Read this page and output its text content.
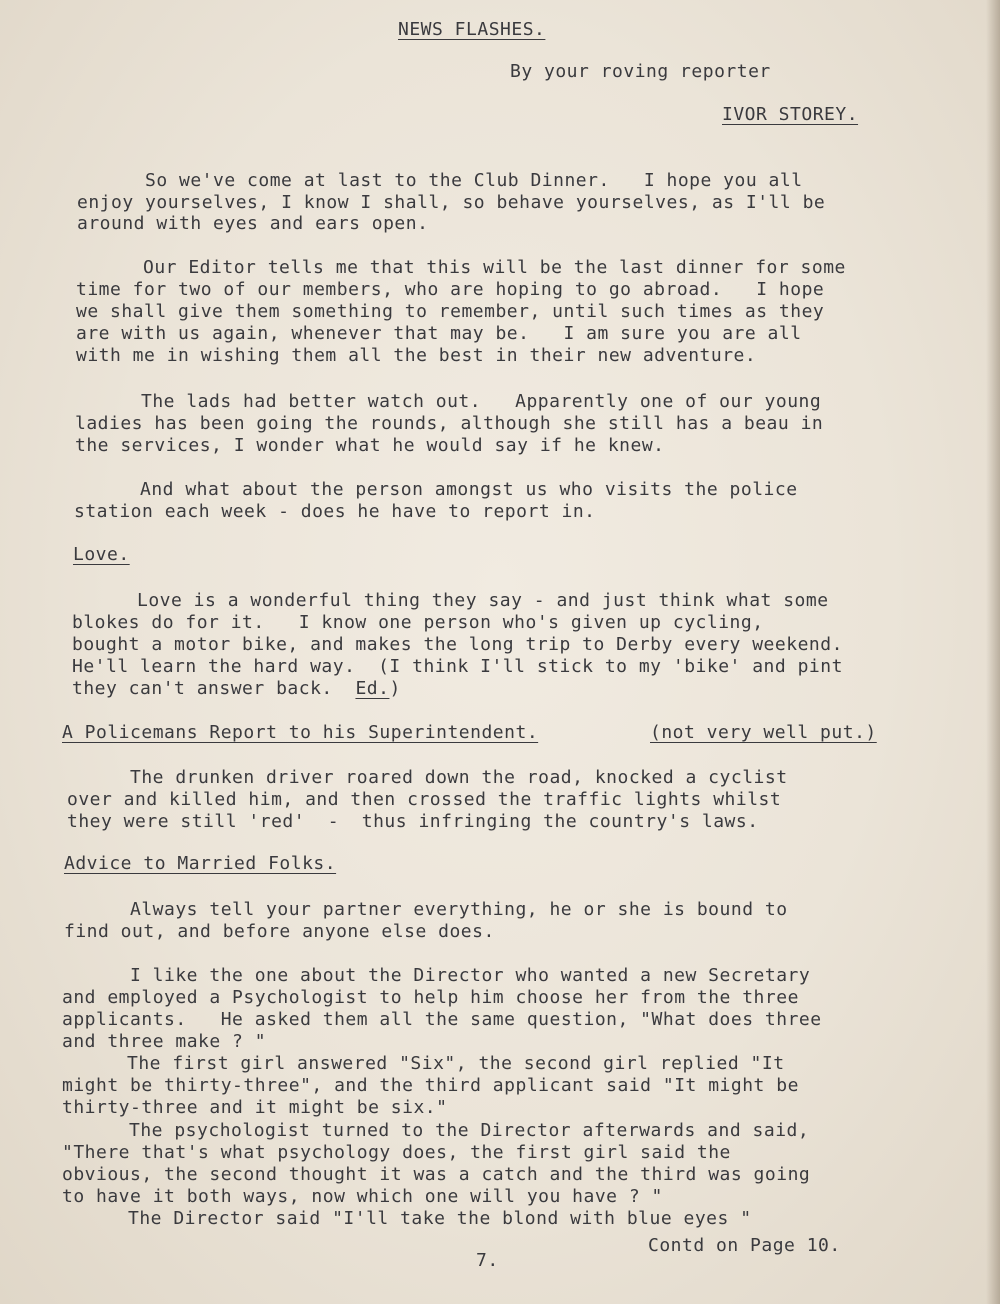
NEWS FLASHES.
By your roving reporter
IVOR STOREY.
So we've come at last to the Club Dinner.   I hope you all
enjoy yourselves, I know I shall, so behave yourselves, as I'll be
around with eyes and ears open.
Our Editor tells me that this will be the last dinner for some
time for two of our members, who are hoping to go abroad.   I hope
we shall give them something to remember, until such times as they
are with us again, whenever that may be.   I am sure you are all
with me in wishing them all the best in their new adventure.
The lads had better watch out.   Apparently one of our young
ladies has been going the rounds, although she still has a beau in
the services, I wonder what he would say if he knew.
And what about the person amongst us who visits the police
station each week - does he have to report in.
Love.
Love is a wonderful thing they say - and just think what some
blokes do for it.   I know one person who's given up cycling,
bought a motor bike, and makes the long trip to Derby every weekend.
He'll learn the hard way.  (I think I'll stick to my 'bike' and pint
they can't answer back.  Ed.)
A Policemans Report to his Superintendent.	(not very well put.)
The drunken driver roared down the road, knocked a cyclist
over and killed him, and then crossed the traffic lights whilst
they were still 'red'  -  thus infringing the country's laws.
Advice to Married Folks.
Always tell your partner everything, he or she is bound to
find out, and before anyone else does.
I like the one about the Director who wanted a new Secretary
and employed a Psychologist to help him choose her from the three
applicants.   He asked them all the same question, "What does three
and three make ? "
The first girl answered "Six", the second girl replied "It
might be thirty-three", and the third applicant said "It might be
thirty-three and it might be six."
The psychologist turned to the Director afterwards and said,
"There that's what psychology does, the first girl said the
obvious, the second thought it was a catch and the third was going
to have it both ways, now which one will you have ? "
The Director said "I'll take the blond with blue eyes "
Contd on Page 10.
7.
